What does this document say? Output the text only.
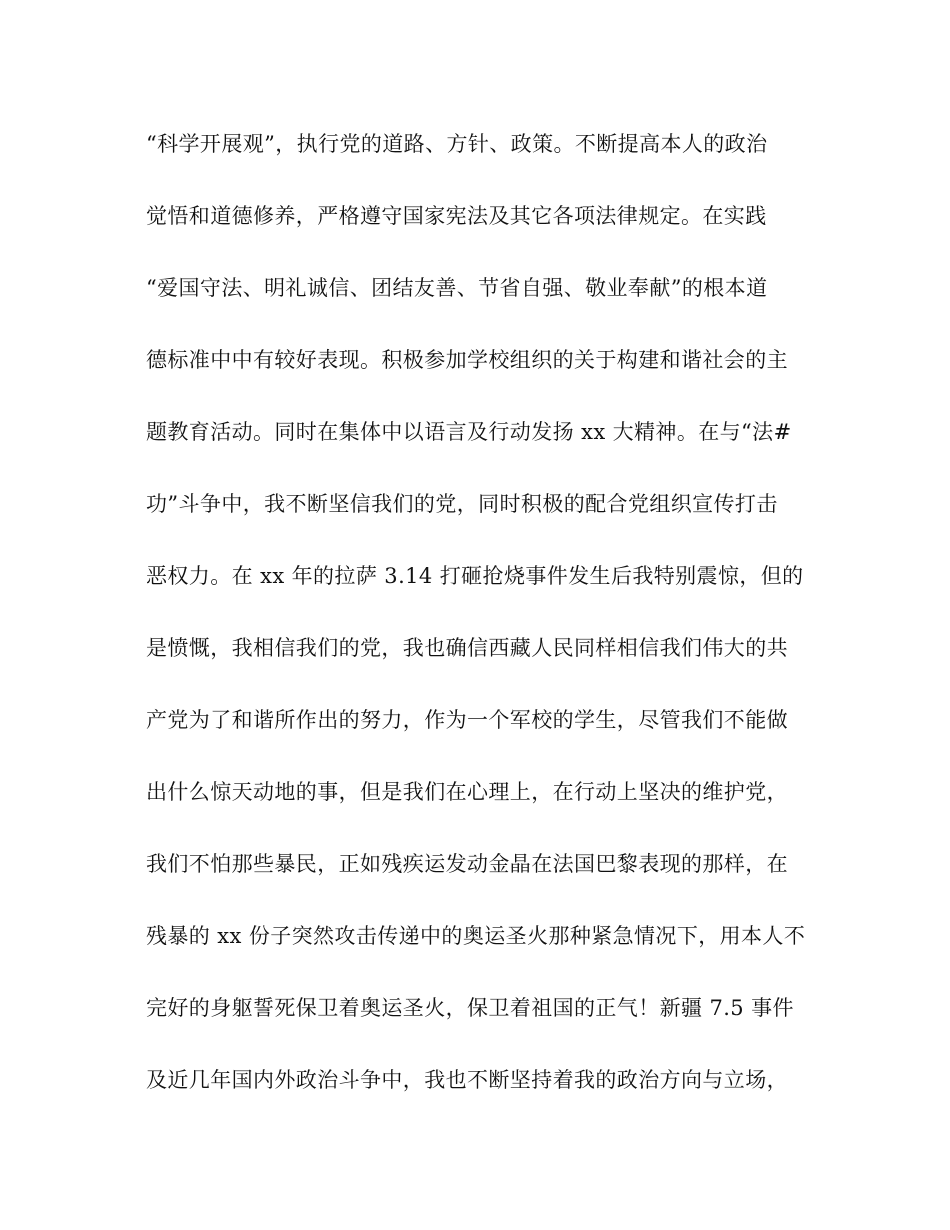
“科学开展观”，执行党的道路、方针、政策。不断提高本人的政治
觉悟和道德修养，严格遵守国家宪法及其它各项法律规定。在实践
“爱国守法、明礼诚信、团结友善、节省自强、敬业奉献”的根本道
德标准中中有较好表现。积极参加学校组织的关于构建和谐社会的主
题教育活动。同时在集体中以语言及行动发扬 xx 大精神。在与“法#
功”斗争中，我不断坚信我们的党，同时积极的配合党组织宣传打击
恶权力。在 xx 年的拉萨 3.14 打砸抢烧事件发生后我特别震惊，但的
是愤慨，我相信我们的党，我也确信西藏人民同样相信我们伟大的共
产党为了和谐所作出的努力，作为一个军校的学生，尽管我们不能做
出什么惊天动地的事，但是我们在心理上，在行动上坚决的维护党，
我们不怕那些暴民，正如残疾运发动金晶在法国巴黎表现的那样，在
残暴的 xx 份子突然攻击传递中的奥运圣火那种紧急情况下，用本人不
完好的身躯誓死保卫着奥运圣火，保卫着祖国的正气！新疆 7.5 事件
及近几年国内外政治斗争中，我也不断坚持着我的政治方向与立场，
